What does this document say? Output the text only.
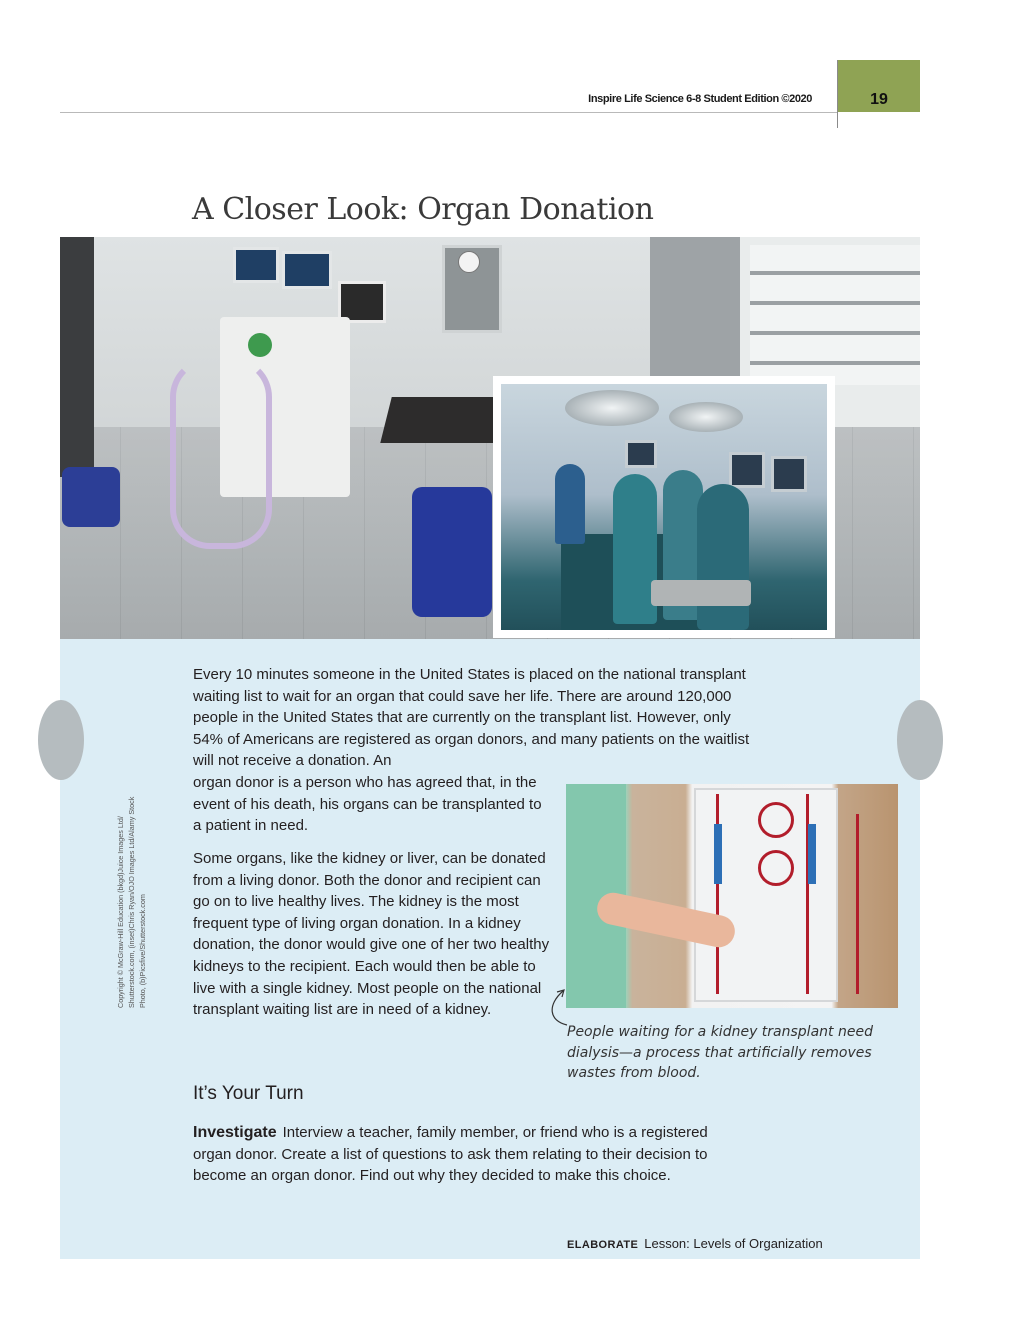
Inspire Life Science 6-8 Student Edition ©2020	19
A Closer Look: Organ Donation
Copyright © McGraw-Hill Education (bkgd)Juice Images Ltd/ Shutterstock.com, (inset)Chris Ryan/OJO Images Ltd/Alamy Stock Photo, (b)Picsfive/Shutterstock.com

Every 10 minutes someone in the United States is placed on the national transplant waiting list to wait for an organ that could save her life. There are around 120,000 people in the United States that are currently on the transplant list. However, only 54% of Americans are registered as organ donors, and many patients on the waitlist will not receive a donation. An

organ donor is a person who has agreed that, in the event of his death, his organs can be transplanted to a patient in need.

Some organs, like the kidney or liver, can be donated from a living donor. Both the donor and recipient can go on to live healthy lives. The kidney is the most frequent type of living organ donation. In a kidney donation, the donor would give one of her two healthy kidneys to the recipient. Each would then be able to live with a single kidney. Most people on the national transplant waiting list are in need of a kidney.

People waiting for a kidney transplant need dialysis—a process that artificially removes wastes from blood.

It’s Your Turn

Investigate Interview a teacher, family member, or friend who is a registered organ donor. Create a list of questions to ask them relating to their decision to become an organ donor. Find out why they decided to make this choice.

ELABORATE Lesson: Levels of Organization
